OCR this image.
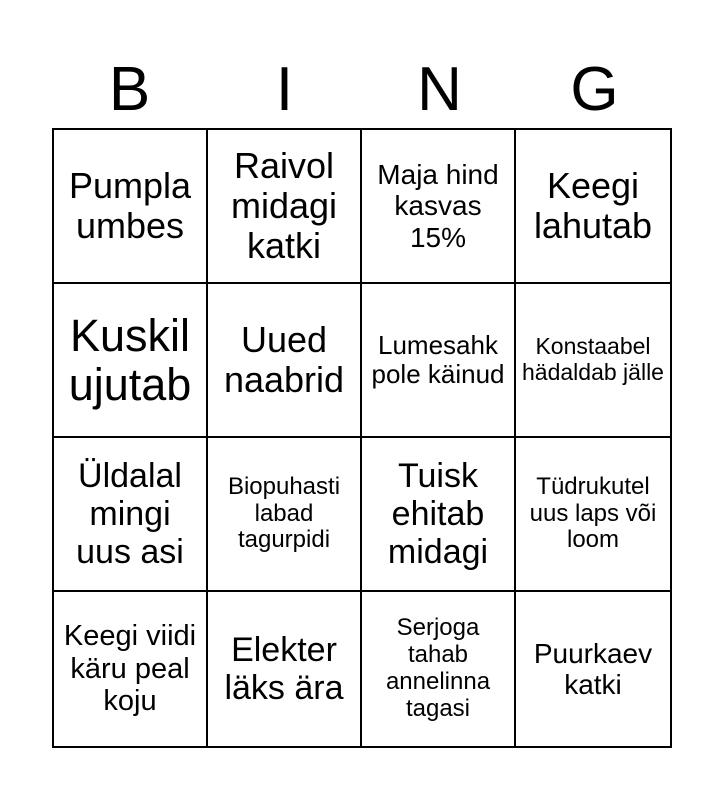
B	I	N	G
Pumpla umbes
Raivol midagi katki
Maja hind kasvas 15%
Keegi lahutab
Kuskil ujutab
Uued naabrid
Lumesahk pole käinud
Konstaabel hädaldab jälle
Üldalal mingi uus asi
Biopuhasti labad tagurpidi
Tuisk ehitab midagi
Tüdrukutel uus laps või loom
Keegi viidi käru peal koju
Elekter läks ära
Serjoga tahab annelinna tagasi
Puurkaev katki
